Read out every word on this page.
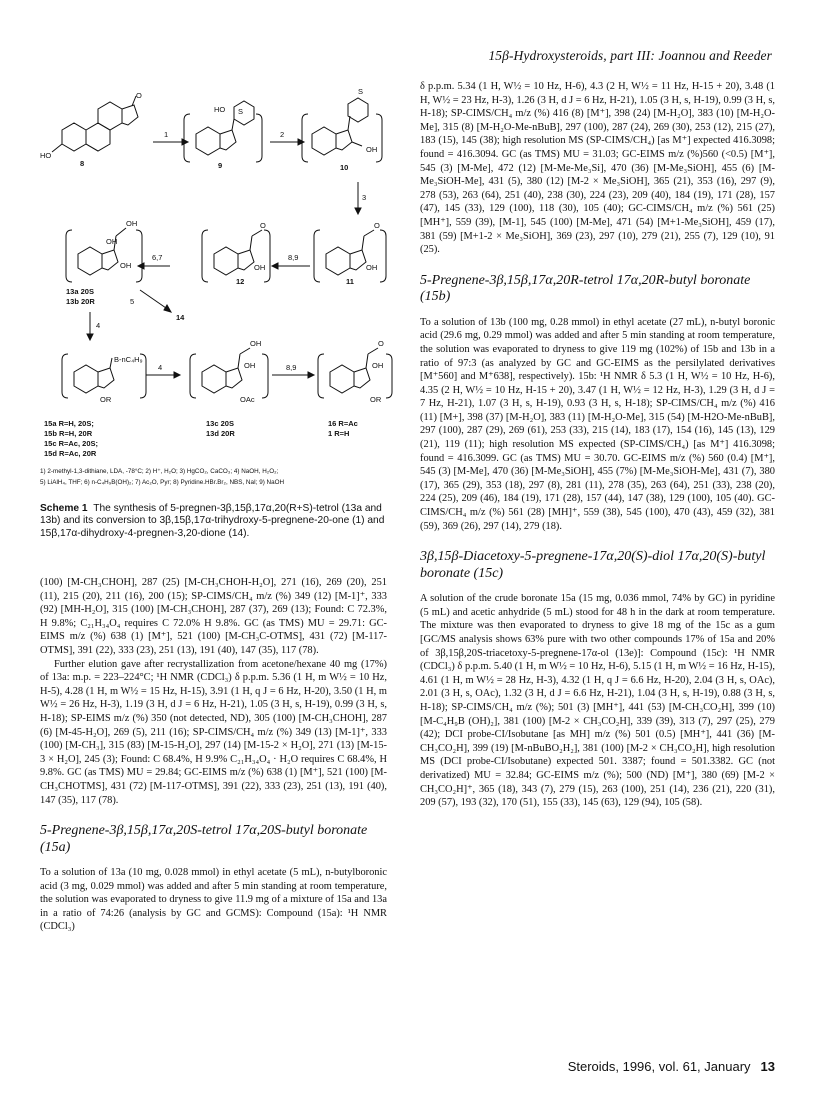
15β-Hydroxysteroids, part III: Joannou and Reeder
O
HO
8
1
HO S
9
2
S
OH
10
3
OH
OH
OH
13a 20S
13b 20R
6,7
O
OH
12
8,9
O
OH
11
5
14
4
B-nC₄H₉
OR
4
OH
OH
OAc
8,9
O
OH
OR
15a R=H, 20S;
15b R=H, 20R
15c R=Ac, 20S;
15d R=Ac, 20R
13c 20S
13d 20R
16 R=Ac
1 R=H
1) 2-methyl-1,3-dithiane, LDA, -78°C; 2) H⁺, H₂O; 3) HgCO₂, CaCO₃; 4) NaOH, H₂O₂;
5) LiAlH₄, THF; 6) n-C₄H₉B(OH)₂; 7) Ac₂O, Pyr; 8) Pyridine.HBr.Br₂, NBS, NaI; 9) NaOH
Scheme 1 The synthesis of 5-pregnen-3β,15β,17α,20(R+S)-tetrol (13a and 13b) and its conversion to 3β,15β,17α-trihydroxy-5-pregnene-20-one (1) and 15β,17α-dihydroxy-4-pregnen-3,20-dione (14).

(100) [M-CH₃CHOH], 287 (25) [M-CH₃CHOH-H₂O], 271 (16), 269 (20), 251 (11), 215 (20), 211 (16), 200 (15); SP-CIMS/CH₄ m/z (%) 349 (12) [M-1]⁺, 333 (92) [MH-H₂O], 315 (100) [M-CH₃CHOH], 287 (37), 269 (13); Found: C 72.3%, H 9.8%; C₂₁H₃₄O₄ requires C 72.0% H 9.8%. GC (as TMS) MU = 29.71: GC-EIMS m/z (%) 638 (1) [M⁺], 521 (100) [M-CH₃C-OTMS], 431 (72) [M-117-OTMS], 391 (22), 333 (23), 251 (13), 191 (40), 147 (35), 117 (78).

Further elution gave after recrystallization from acetone/hexane 40 mg (17%) of 13a: m.p. = 223–224°C; ¹H NMR (CDCl₃) δ p.p.m. 5.36 (1 H, m W½ = 10 Hz, H-5), 4.28 (1 H, m W½ = 15 Hz, H-15), 3.91 (1 H, q J = 6 Hz, H-20), 3.50 (1 H, m W½ = 26 Hz, H-3), 1.19 (3 H, d J = 6 Hz, H-21), 1.05 (3 H, s, H-19), 0.99 (3 H, s, H-18); SP-EIMS m/z (%) 350 (not detected, ND), 305 (100) [M-CH₃CHOH], 287 (6) [M-45-H₂O], 269 (5), 211 (16); SP-CIMS/CH₄ m/z (%) 349 (13) [M-1]⁺, 333 (100) [M-CH₃], 315 (83) [M-15-H₂O], 297 (14) [M-15-2 × H₂O], 271 (13) [M-15-3 × H₂O], 245 (3); Found: C 68.4%, H 9.9% C₂₁H₃₄O₄ · H₂O requires C 68.4%, H 9.8%. GC (as TMS) MU = 29.84; GC-EIMS m/z (%) 638 (1) [M⁺], 521 (100) [M-CH₃CHOTMS], 431 (72) [M-117-OTMS], 391 (22), 333 (23), 251 (13), 191 (40), 147 (35), 117 (78).

5-Pregnene-3β,15β,17α,20S-tetrol 17α,20S-butyl boronate (15a)

To a solution of 13a (10 mg, 0.028 mmol) in ethyl acetate (5 mL), n-butylboronic acid (3 mg, 0.029 mmol) was added and after 5 min standing at room temperature, the solution was evaporated to dryness to give 11.9 mg of a mixture of 15a and 13a in a ratio of 74:26 (analysis by GC and GCMS): Compound (15a): ¹H NMR (CDCl₃)

δ p.p.m. 5.34 (1 H, W½ = 10 Hz, H-6), 4.3 (2 H, W½ = 11 Hz, H-15 + 20), 3.48 (1 H, W½ = 23 Hz, H-3), 1.26 (3 H, d J = 6 Hz, H-21), 1.05 (3 H, s, H-19), 0.99 (3 H, s, H-18); SP-CIMS/CH₄ m/z (%) 416 (8) [M⁺], 398 (24) [M-H₂O], 383 (10) [M-H₂O-Me], 315 (8) [M-H₂O-Me-nBuB], 297 (100), 287 (24), 269 (30), 253 (12), 215 (27), 183 (15), 145 (38); high resolution MS (SP-CIMS/CH₄) [as M⁺] expected 416.3098; found = 416.3094. GC (as TMS) MU = 31.03; GC-EIMS m/z (%)560 (<0.5) [M⁺], 545 (3) [M-Me], 472 (12) [M-Me-Me₃Si], 470 (36) [M-Me₃SiOH], 455 (6) [M-Me₃SiOH-Me], 431 (5), 380 (12) [M-2 × Me₃SiOH], 365 (21), 353 (16), 297 (9), 278 (53), 263 (64), 251 (40), 238 (30), 224 (23), 209 (40), 184 (19), 171 (28), 157 (47), 145 (33), 129 (100), 118 (30), 105 (40); GC-CIMS/CH₄ m/z (%) 561 (25) [MH⁺], 559 (39), [M-1], 545 (100) [M-Me], 471 (54) [M+1-Me₃SiOH], 459 (17), 381 (59) [M+1-2 × Me₃SiOH], 369 (23), 297 (10), 279 (21), 255 (7), 129 (10), 91 (25).

5-Pregnene-3β,15β,17α,20R-tetrol 17α,20R-butyl boronate (15b)

To a solution of 13b (100 mg, 0.28 mmol) in ethyl acetate (27 mL), n-butyl boronic acid (29.6 mg, 0.29 mmol) was added and after 5 min standing at room temperature, the solution was evaporated to dryness to give 119 mg (102%) of 15b and 13b in a ratio of 97:3 (as analyzed by GC and GC-EIMS as the persilylated derivatives [M⁺560] and M⁺638], respectively). 15b: ¹H NMR δ 5.3 (1 H, W½ = 10 Hz, H-6), 4.35 (2 H, W½ = 10 Hz, H-15 + 20), 3.47 (1 H, W½ = 12 Hz, H-3), 1.29 (3 H, d J = 7 Hz, H-21), 1.07 (3 H, s, H-19), 0.93 (3 H, s, H-18); SP-CIMS/CH₄ m/z (%) 416 (11) [M+], 398 (37) [M-H₂O], 383 (11) [M-H₂O-Me], 315 (54) [M-H2O-Me-nBuB], 297 (100), 287 (29), 269 (61), 253 (33), 215 (14), 183 (17), 154 (16), 145 (13), 129 (21), 119 (11); high resolution MS expected (SP-CIMS/CH₄) [as M⁺] 416.3098; found = 416.3099. GC (as TMS) MU = 30.70. GC-EIMS m/z (%) 560 (0.4) [M⁺], 545 (3) [M-Me], 470 (36) [M-Me₃SiOH], 455 (7%) [M-Me₃SiOH-Me], 431 (7), 380 (17), 365 (29), 353 (18), 297 (8), 281 (11), 278 (35), 263 (64), 251 (33), 238 (20), 224 (25), 209 (46), 184 (19), 171 (28), 157 (44), 147 (38), 129 (100), 105 (40). GC-CIMS/CH₄ m/z (%) 561 (28) [MH]⁺, 559 (38), 545 (100), 470 (43), 459 (32), 381 (59), 369 (26), 297 (14), 279 (18).

3β,15β-Diacetoxy-5-pregnene-17α,20(S)-diol 17α,20(S)-butyl boronate (15c)

A solution of the crude boronate 15a (15 mg, 0.036 mmol, 74% by GC) in pyridine (5 mL) and acetic anhydride (5 mL) stood for 48 h in the dark at room temperature. The mixture was then evaporated to dryness to give 18 mg of the 15c as a gum [GC/MS analysis shows 63% pure with two other compounds 17% of 15a and 20% of 3β,15β,20S-triacetoxy-5-pregnene-17α-ol (13e)]: Compound (15c): ¹H NMR (CDCl₃) δ p.p.m. 5.40 (1 H, m W½ = 10 Hz, H-6), 5.15 (1 H, m W½ = 16 Hz, H-15), 4.61 (1 H, m W½ = 28 Hz, H-3), 4.32 (1 H, q J = 6.6 Hz, H-20), 2.04 (3 H, s, OAc), 2.01 (3 H, s, OAc), 1.32 (3 H, d J = 6.6 Hz, H-21), 1.04 (3 H, s, H-19), 0.88 (3 H, s, H-18); SP-CIMS/CH₄ m/z (%); 501 (3) [MH⁺], 441 (53) [M-CH₃CO₂H], 399 (10) [M-C₄H₉B (OH)₂], 381 (100) [M-2 × CH₃CO₂H], 339 (39), 313 (7), 297 (25), 279 (42); DCI probe-CI/Isobutane [as MH] m/z (%) 501 (0.5) [MH⁺], 441 (36) [M-CH₃CO₂H], 399 (19) [M-nBuBO₂H₂], 381 (100) [M-2 × CH₃CO₂H], high resolution MS (DCI probe-CI/Isobutane) expected 501. 3387; found = 501.3382. GC (not derivatized) MU = 32.84; GC-EIMS m/z (%); 500 (ND) [M⁺], 380 (69) [M-2 × CH₃CO₂H]⁺, 365 (18), 343 (7), 279 (15), 263 (100), 251 (14), 236 (21), 220 (31), 209 (57), 193 (32), 170 (51), 155 (33), 145 (63), 129 (94), 105 (58).

Steroids, 1996, vol. 61, January 13
